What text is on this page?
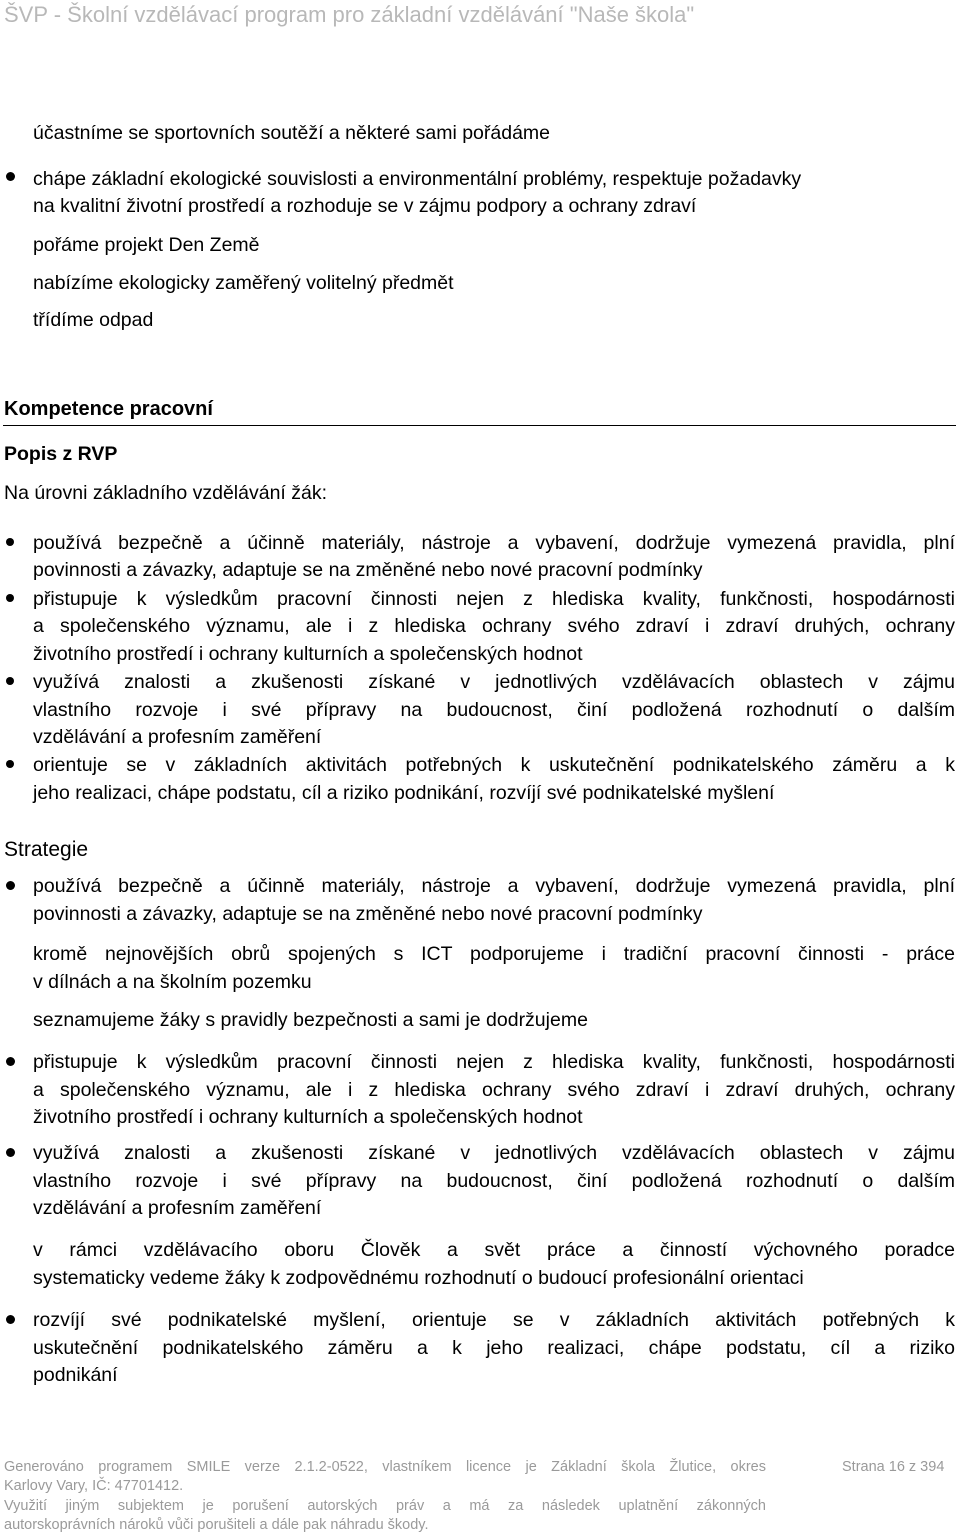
ŠVP - Školní vzdělávací program pro základní vzdělávání "Naše škola"
účastníme se sportovních soutěží a některé sami pořádáme
chápe základní ekologické souvislosti a environmentální problémy, respektuje požadavky
na kvalitní životní prostředí a rozhoduje se v zájmu podpory a ochrany zdraví
pořáme projekt Den Země
nabízíme ekologicky zaměřený volitelný předmět
třídíme odpad
Kompetence pracovní
Popis z RVP
Na úrovni základního vzdělávání žák:
používá bezpečně a účinně materiály, nástroje a vybavení, dodržuje vymezená pravidla, plní
povinnosti a závazky, adaptuje se na změněné nebo nové pracovní podmínky
přistupuje k výsledkům pracovní činnosti nejen z hlediska kvality, funkčnosti, hospodárnosti
a společenského významu, ale i z hlediska ochrany svého zdraví i zdraví druhých, ochrany
životního prostředí i ochrany kulturních a společenských hodnot
využívá znalosti a zkušenosti získané v jednotlivých vzdělávacích oblastech v zájmu
vlastního rozvoje i své přípravy na budoucnost, činí podložená rozhodnutí o dalším
vzdělávání a profesním zaměření
orientuje se v základních aktivitách potřebných k uskutečnění podnikatelského záměru a k
jeho realizaci, chápe podstatu, cíl a riziko podnikání, rozvíjí své podnikatelské myšlení
Strategie
používá bezpečně a účinně materiály, nástroje a vybavení, dodržuje vymezená pravidla, plní
povinnosti a závazky, adaptuje se na změněné nebo nové pracovní podmínky
kromě nejnovějších obrů spojených s ICT podporujeme i tradiční pracovní činnosti - práce
v dílnách a na školním pozemku
seznamujeme žáky s pravidly bezpečnosti a sami je dodržujeme
přistupuje k výsledkům pracovní činnosti nejen z hlediska kvality, funkčnosti, hospodárnosti
a společenského významu, ale i z hlediska ochrany svého zdraví i zdraví druhých, ochrany
životního prostředí i ochrany kulturních a společenských hodnot
využívá znalosti a zkušenosti získané v jednotlivých vzdělávacích oblastech v zájmu
vlastního rozvoje i své přípravy na budoucnost, činí podložená rozhodnutí o dalším
vzdělávání a profesním zaměření
v rámci vzdělávacího oboru Člověk a svět práce a činností výchovného poradce
systematicky vedeme žáky k zodpovědnému rozhodnutí o budoucí profesionální orientaci
rozvíjí své podnikatelské myšlení, orientuje se v základních aktivitách potřebných k
uskutečnění podnikatelského záměru a k jeho realizaci, chápe podstatu, cíl a riziko
podnikání
Generováno programem SMILE verze 2.1.2-0522, vlastníkem licence je Základní škola Žlutice, okres
Karlovy Vary, IČ: 47701412.
Využití jiným subjektem je porušení autorských práv a má za následek uplatnění zákonných
autorskoprávních nároků vůči porušiteli a dále pak náhradu škody.
Strana 16 z 394
